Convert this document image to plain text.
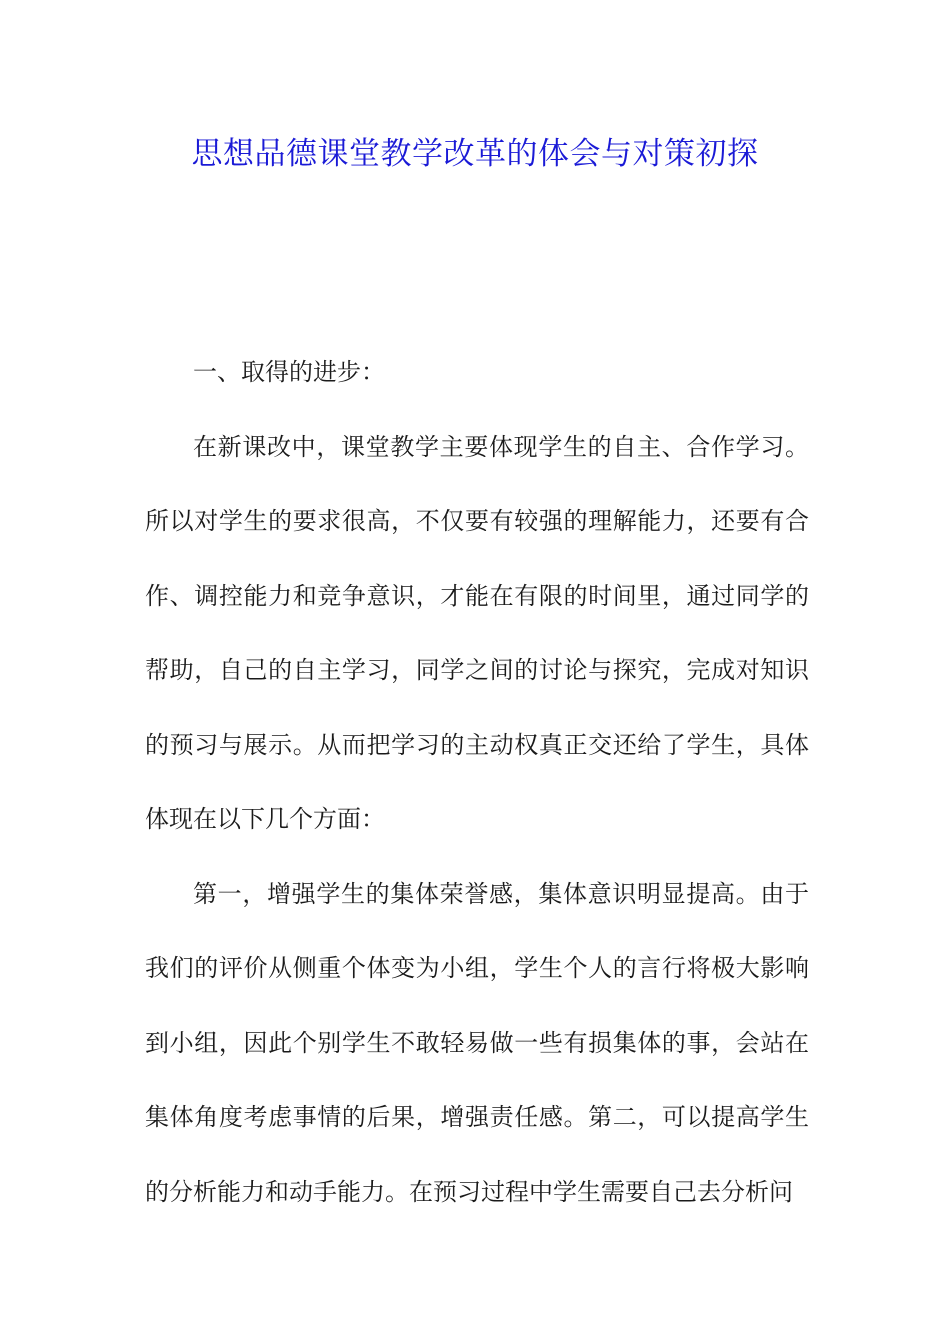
思想品德课堂教学改革的体会与对策初探

一、取得的进步：

在新课改中，课堂教学主要体现学生的自主、合作学习。所以对学生的要求很高，不仅要有较强的理解能力，还要有合作、调控能力和竞争意识，才能在有限的时间里，通过同学的帮助，自己的自主学习，同学之间的讨论与探究，完成对知识的预习与展示。从而把学习的主动权真正交还给了学生，具体体现在以下几个方面：

第一，增强学生的集体荣誉感，集体意识明显提高。由于我们的评价从侧重个体变为小组，学生个人的言行将极大影响到小组，因此个别学生不敢轻易做一些有损集体的事，会站在集体角度考虑事情的后果，增强责任感。第二，可以提高学生的分析能力和动手能力。在预习过程中学生需要自己去分析问
